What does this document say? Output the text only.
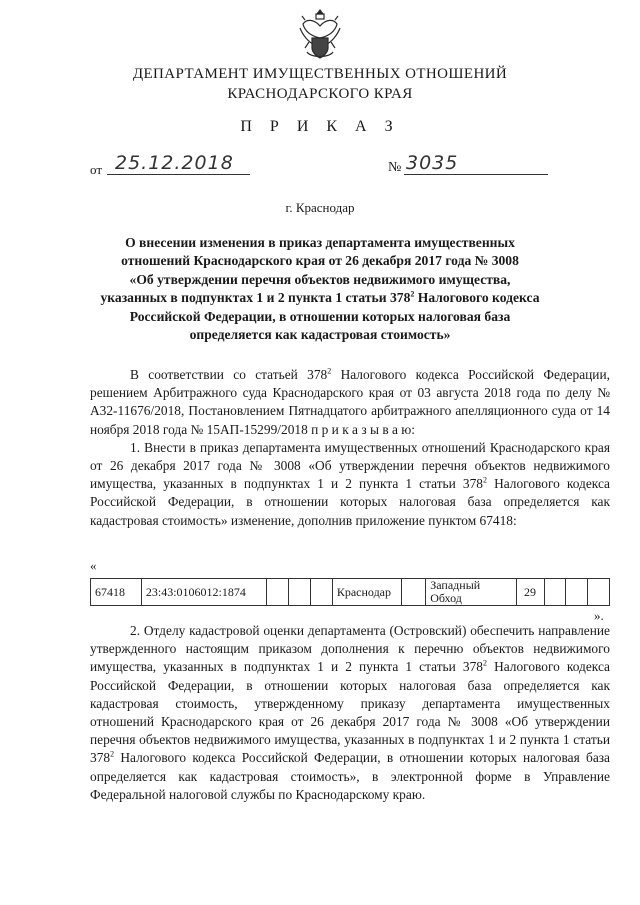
ДЕПАРТАМЕНТ ИМУЩЕСТВЕННЫХ ОТНОШЕНИЙ
КРАСНОДАРСКОГО КРАЯ
П Р И К А З
от 25.12.2018	№ 3035
г. Краснодар
О внесении изменения в приказ департамента имущественных
отношений Краснодарского края от 26 декабря 2017 года № 3008
«Об утверждении перечня объектов недвижимого имущества,
указанных в подпунктах 1 и 2 пункта 1 статьи $378^2$ Налогового кодекса
Российской Федерации, в отношении которых налоговая база
определяется как кадастровая стоимость»

В соответствии со статьей $378^2$ Налогового кодекса Российской Федерации, решением Арбитражного суда Краснодарского края от 03 августа 2018 года по делу № А32-11676/2018, Постановлением Пятнадцатого арбитражного апелляционного суда от 14 ноября 2018 года № 15АП-15299/2018 п р и к а з ы в а ю:

1. Внести в приказ департамента имущественных отношений Краснодарского края от 26 декабря 2017 года № 3008 «Об утверждении перечня объектов недвижимого имущества, указанных в подпунктах 1 и 2 пункта 1 статьи $378^2$ Налогового кодекса Российской Федерации, в отношении которых налоговая база определяется как кадастровая стоимость» изменение, дополнив приложение пунктом 67418:

«
67418	23:43:0106012:1874				Краснодар		Западный Обход	29			
».

2. Отделу кадастровой оценки департамента (Островский) обеспечить направление утвержденного настоящим приказом дополнения к перечню объектов недвижимого имущества, указанных в подпунктах 1 и 2 пункта 1 статьи $378^2$ Налогового кодекса Российской Федерации, в отношении которых налоговая база определяется как кадастровая стоимость, утвержденному приказу департамента имущественных отношений Краснодарского края от 26 декабря 2017 года № 3008 «Об утверждении перечня объектов недвижимого имущества, указанных в подпунктах 1 и 2 пункта 1 статьи $378^2$ Налогового кодекса Российской Федерации, в отношении которых налоговая база определяется как кадастровая стоимость», в электронной форме в Управление Федеральной налоговой службы по Краснодарскому краю.
